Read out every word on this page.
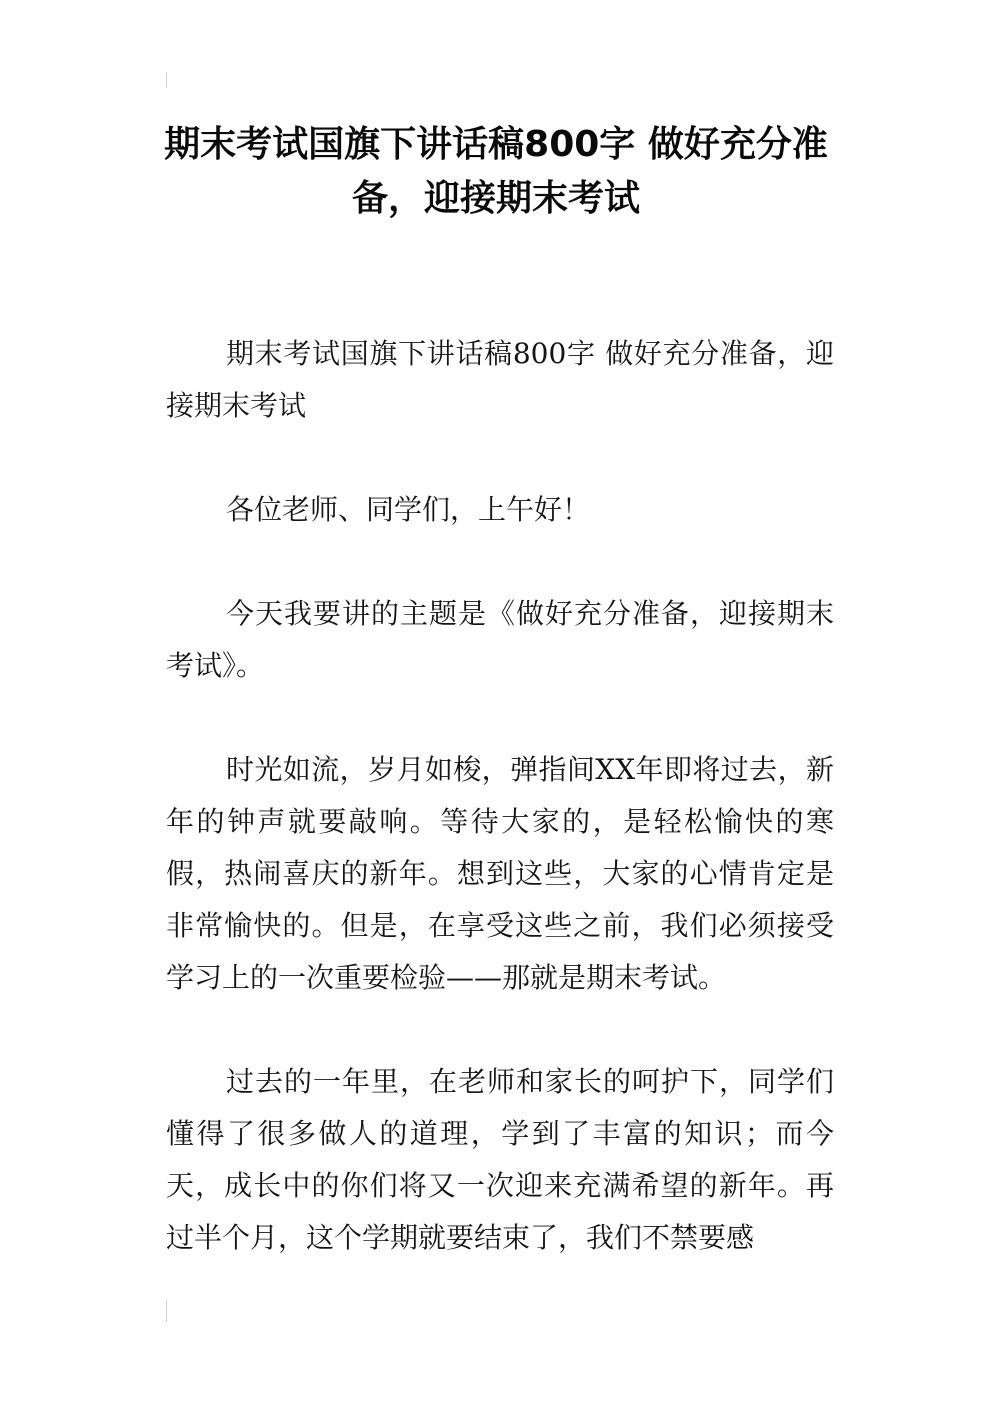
期末考试国旗下讲话稿800字 做好充分准备，迎接期末考试

期末考试国旗下讲话稿800字 做好充分准备，迎接期末考试

各位老师、同学们，上午好！

今天我要讲的主题是《做好充分准备，迎接期末考试》。

时光如流，岁月如梭，弹指间XX年即将过去，新年的钟声就要敲响。等待大家的，是轻松愉快的寒假，热闹喜庆的新年。想到这些，大家的心情肯定是非常愉快的。但是，在享受这些之前，我们必须接受学习上的一次重要检验——那就是期末考试。

过去的一年里，在老师和家长的呵护下，同学们懂得了很多做人的道理，学到了丰富的知识；而今天，成长中的你们将又一次迎来充满希望的新年。再过半个月，这个学期就要结束了，我们不禁要感
